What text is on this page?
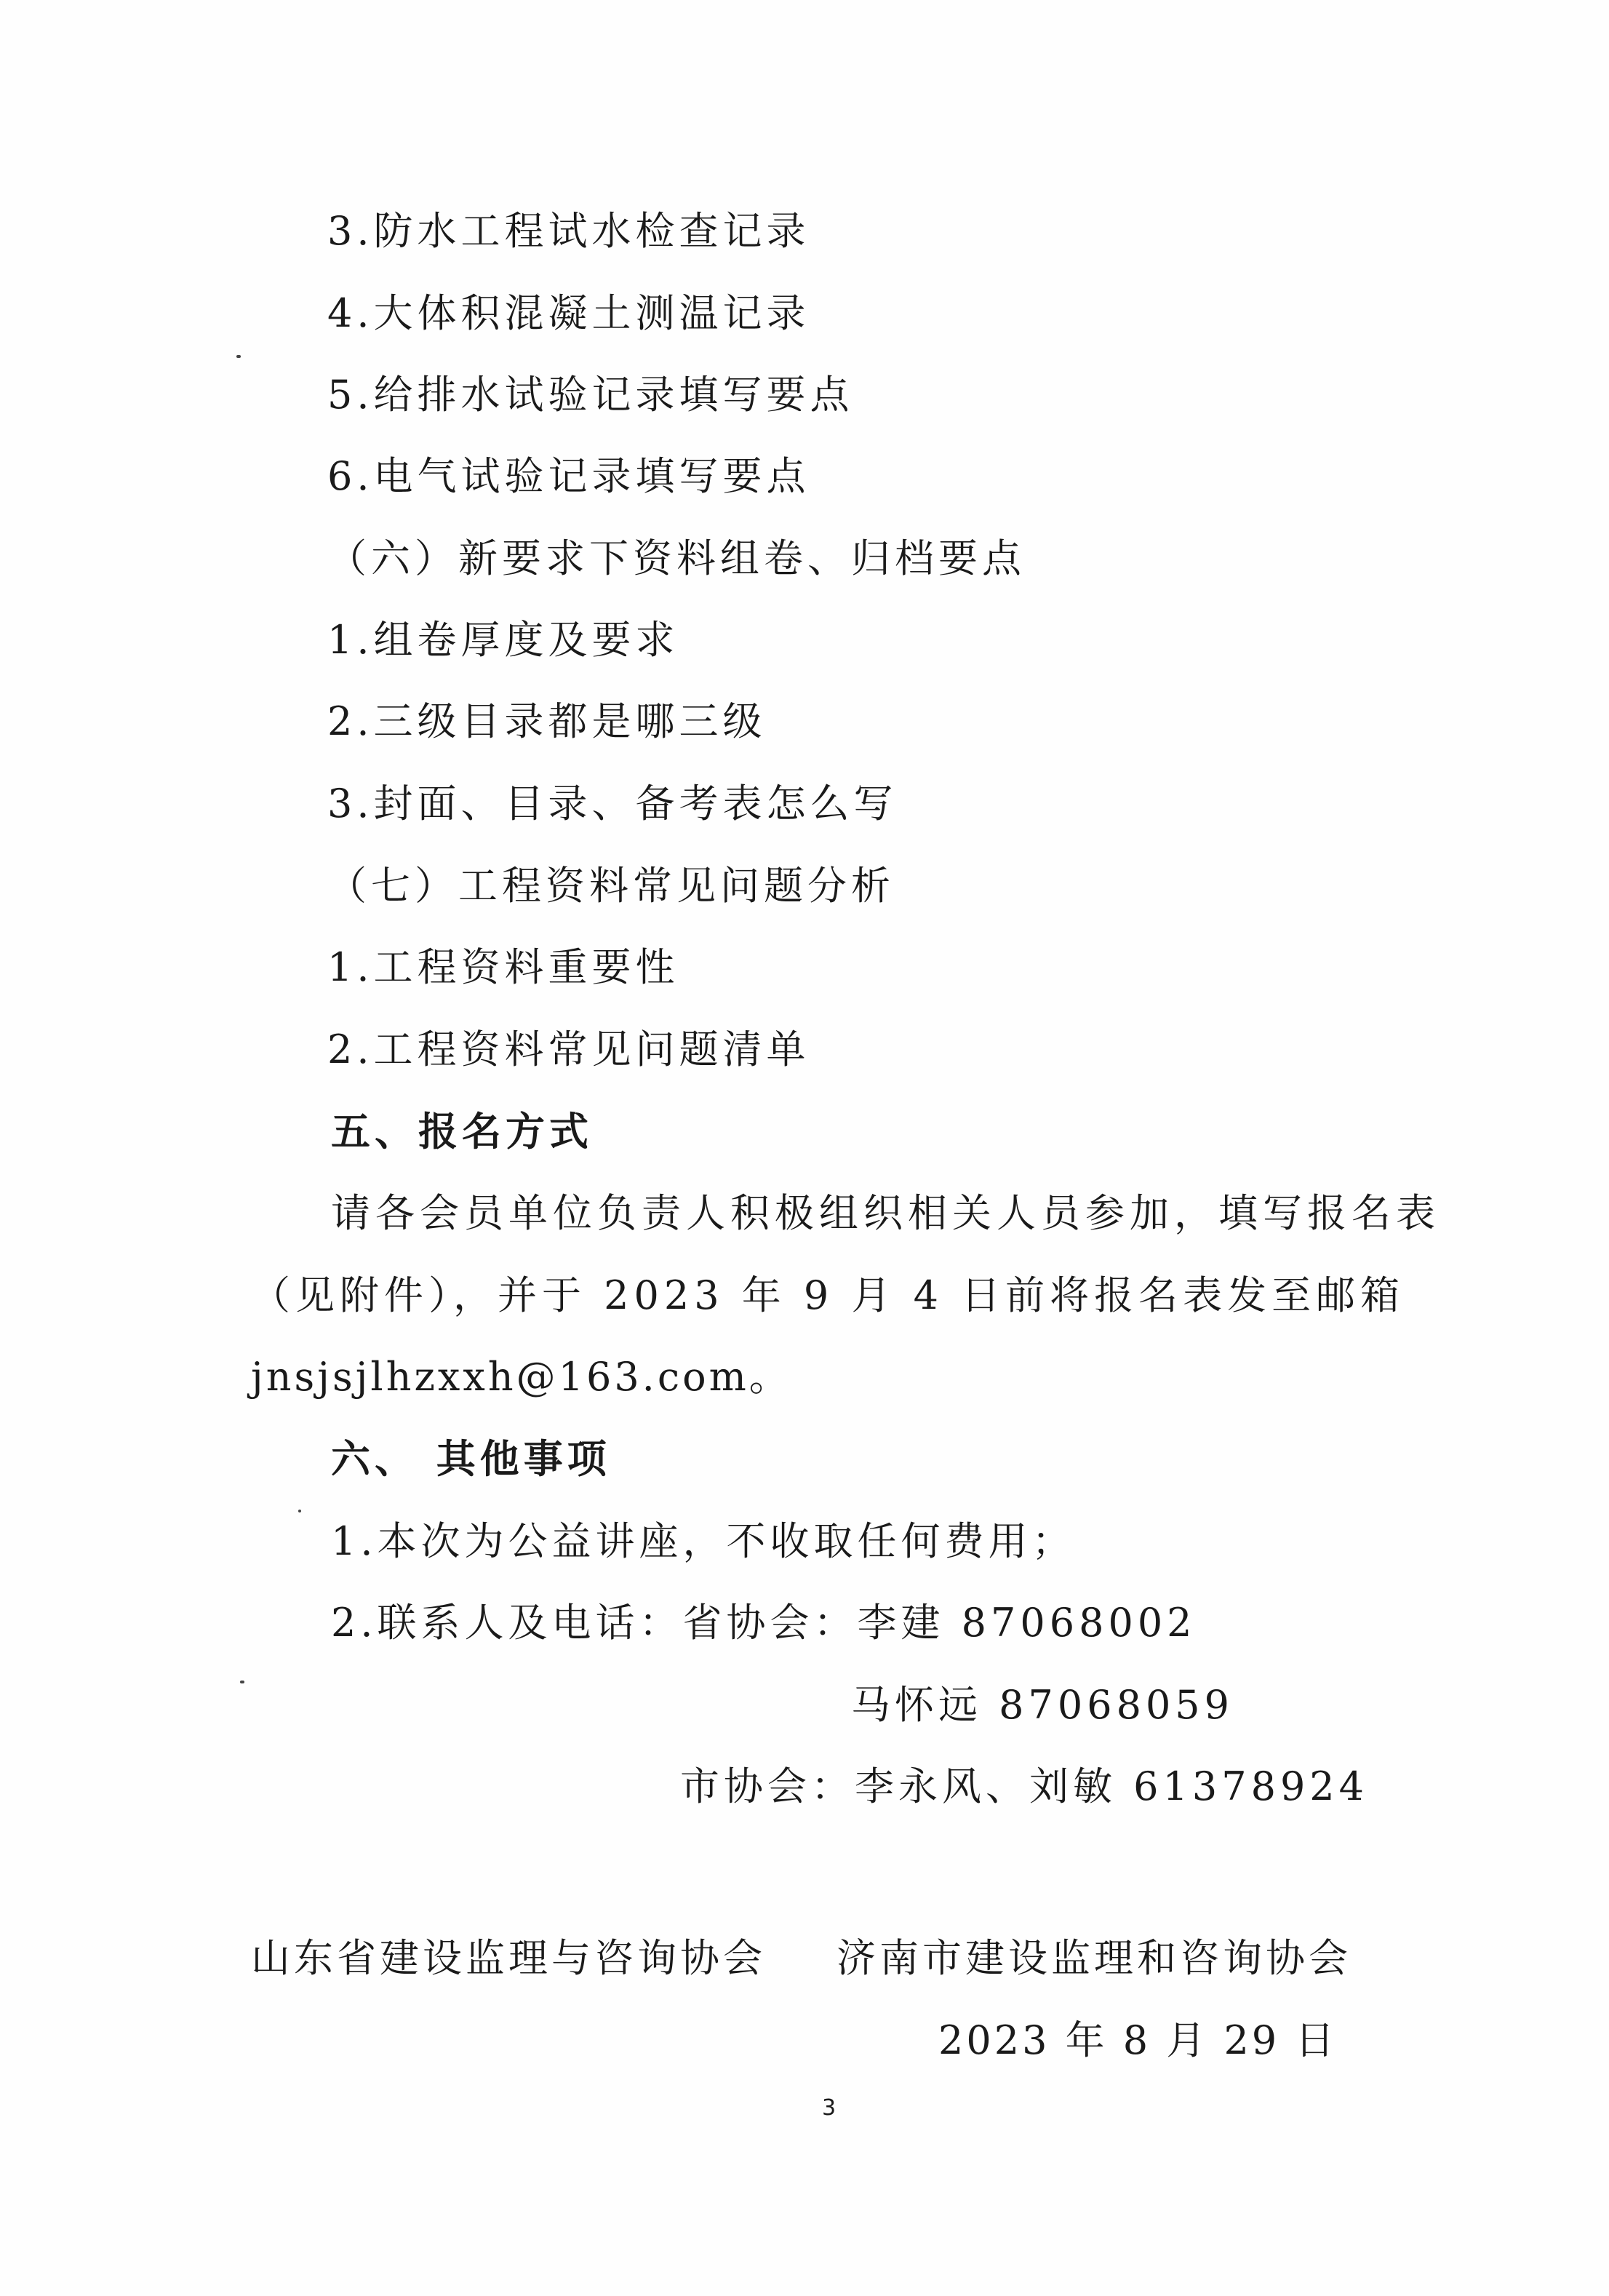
3.防水工程试水检查记录
4.大体积混凝土测温记录
5.给排水试验记录填写要点
6.电气试验记录填写要点
（六）新要求下资料组卷、归档要点
1.组卷厚度及要求
2.三级目录都是哪三级
3.封面、目录、备考表怎么写
（七）工程资料常见问题分析
1.工程资料重要性
2.工程资料常见问题清单
五、报名方式
请各会员单位负责人积极组织相关人员参加，填写报名表
（见附件），并于 2023 年 9 月 4 日前将报名表发至邮箱
jnsjsjlhzxxh@163.com。
六、 其他事项
1.本次为公益讲座，不收取任何费用；
2.联系人及电话：省协会：李建 87068002
马怀远 87068059
市协会：李永风、刘敏 61378924
山东省建设监理与咨询协会 济南市建设监理和咨询协会
2023 年 8 月 29 日
3
